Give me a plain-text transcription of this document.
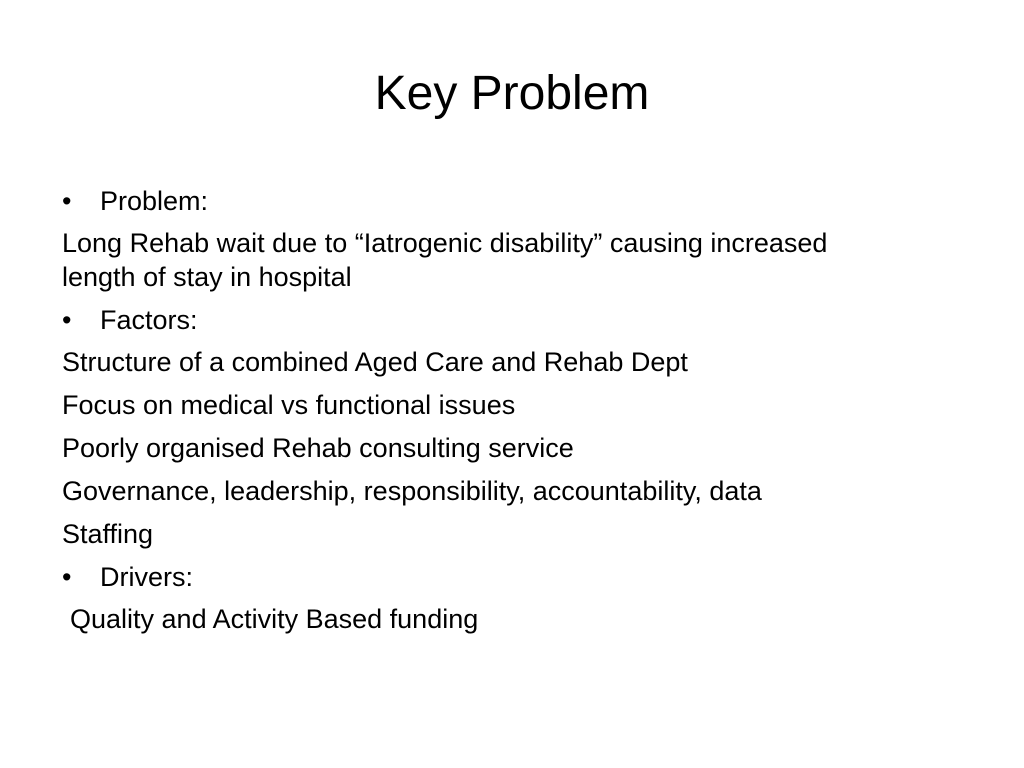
Key Problem
•	Problem:

Long Rehab wait due to “Iatrogenic disability” causing increased length of stay in hospital

•	Factors:

Structure of a combined Aged Care and Rehab Dept

Focus on medical vs functional issues

Poorly organised Rehab consulting service

Governance, leadership, responsibility, accountability, data

Staffing

•	Drivers:

Quality and Activity Based funding
